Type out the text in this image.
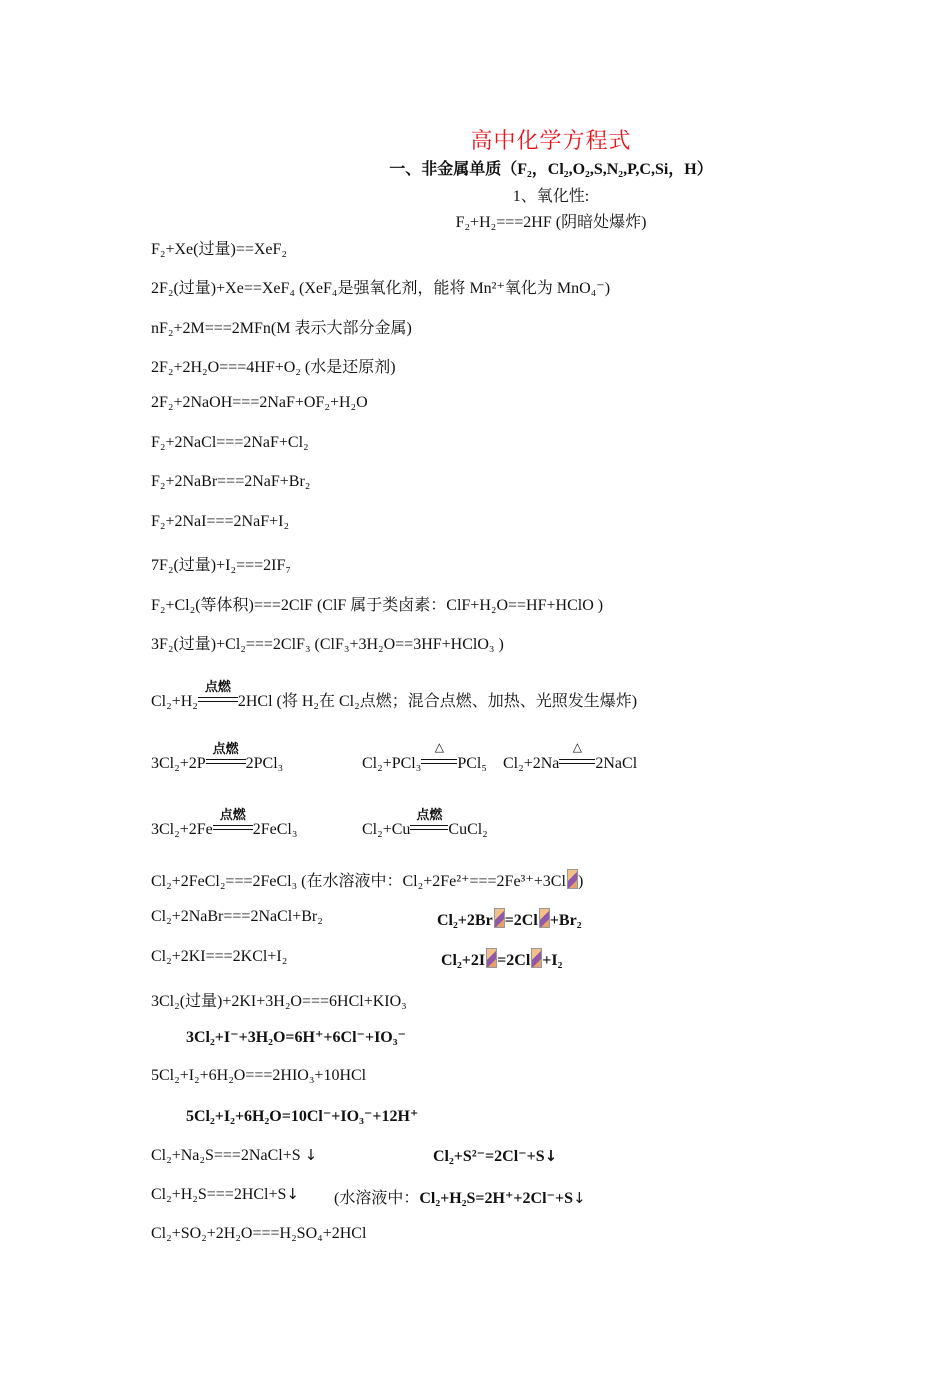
高中化学方程式
一、非金属单质（F₂，Cl₂,O₂,S,N₂,P,C,Si，H）
1、氧化性:
F₂+H₂===2HF (阴暗处爆炸)
F₂+Xe(过量)==XeF₂
2F₂(过量)+Xe==XeF₄ (XeF₄是强氧化剂，能将 Mn²⁺氧化为 MnO₄⁻)
nF₂+2M===2MFn(M 表示大部分金属)
2F₂+2H₂O===4HF+O₂ (水是还原剂)
2F₂+2NaOH===2NaF+OF₂+H₂O
F₂+2NaCl===2NaF+Cl₂
F₂+2NaBr===2NaF+Br₂
F₂+2NaI===2NaF+I₂
7F₂(过量)+I₂===2IF₇
F₂+Cl₂(等体积)===2ClF (ClF 属于类卤素：ClF+H₂O==HF+HClO )
3F₂(过量)+Cl₂===2ClF₃ (ClF₃+3H₂O==3HF+HClO₃ )
Cl₂+H₂
点燃
2HCl (将 H₂在 Cl₂点燃；混合点燃、加热、光照发生爆炸)
3Cl₂+2P
点燃
2PCl₃	Cl₂+PCl₃
△
PCl₅ Cl₂+2Na
△
2NaCl
3Cl₂+2Fe
点燃
2FeCl₃	Cl₂+Cu
点燃
CuCl₂
Cl₂+2FeCl₂===2FeCl₃ (在水溶液中：Cl₂+2Fe²⁺===2Fe³⁺+3Cl )
Cl₂+2NaBr===2NaCl+Br₂	Cl₂+2Br =2Cl +Br₂
Cl₂+2KI===2KCl+I₂	Cl₂+2I =2Cl +I₂
3Cl₂(过量)+2KI+3H₂O===6HCl+KIO₃
3Cl₂+I⁻+3H₂O=6H⁺+6Cl⁻+IO₃⁻
5Cl₂+I₂+6H₂O===2HIO₃+10HCl
5Cl₂+I₂+6H₂O=10Cl⁻+IO₃⁻+12H⁺
Cl₂+Na₂S===2NaCl+S ↓	Cl₂+S²⁻=2Cl⁻+S↓
Cl₂+H₂S===2HCl+S↓ (水溶液中：Cl₂+H₂S=2H⁺+2Cl⁻+S↓
Cl₂+SO₂+2H₂O===H₂SO₄+2HCl
